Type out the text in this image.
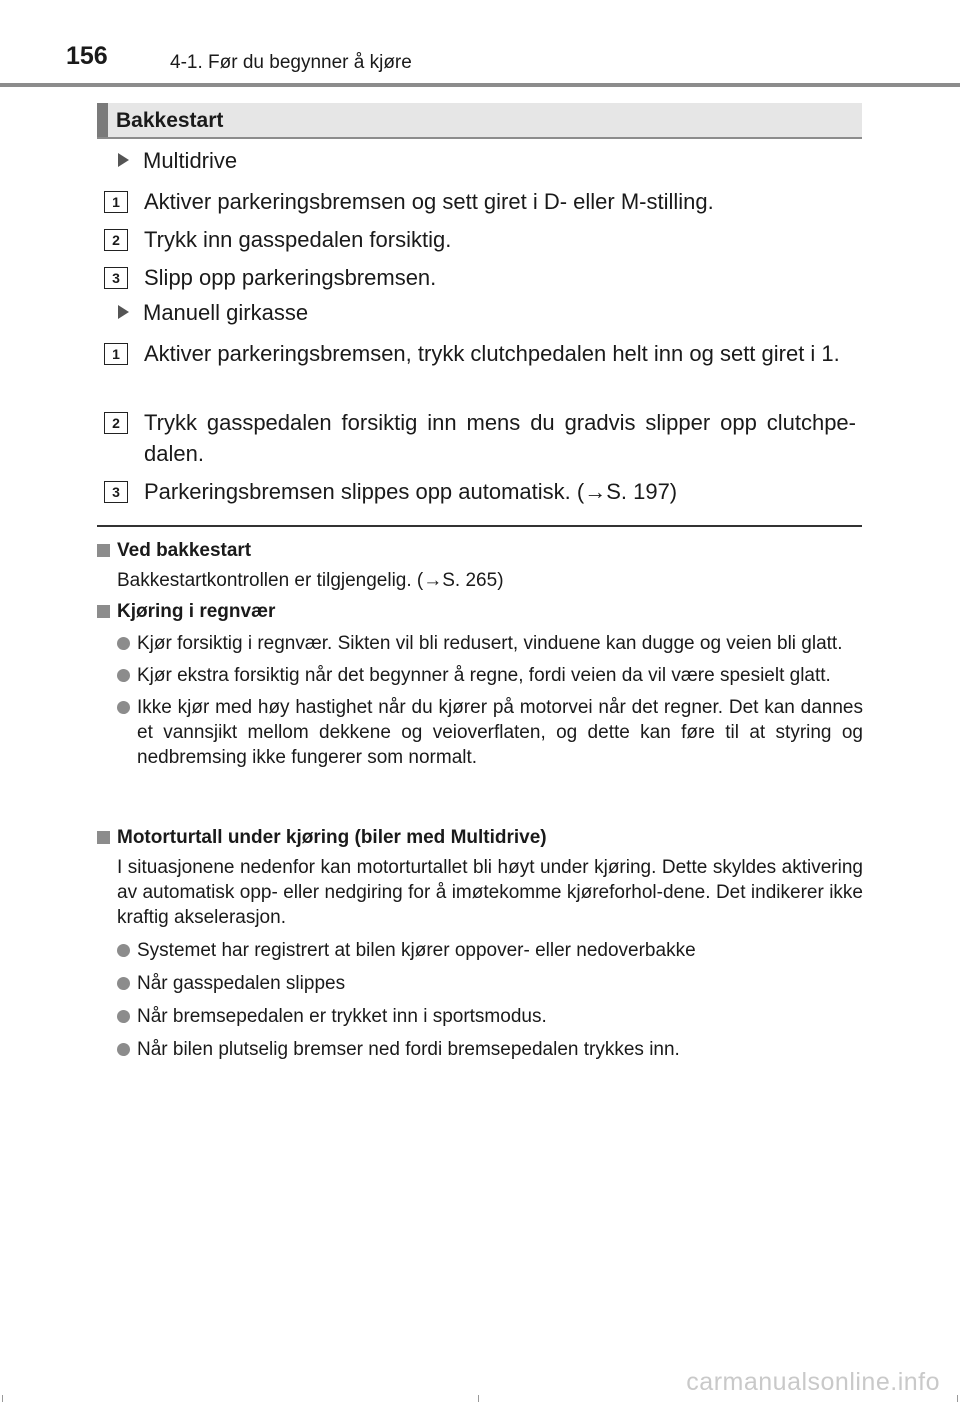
156	4-1. Før du begynner å kjøre
Bakkestart
Multidrive
1	Aktiver parkeringsbremsen og sett giret i D- eller M-stilling.
2	Trykk inn gasspedalen forsiktig.
3	Slipp opp parkeringsbremsen.
Manuell girkasse
1	Aktiver parkeringsbremsen, trykk clutchpedalen helt inn og sett giret i 1.
2	Trykk gasspedalen forsiktig inn mens du gradvis slipper opp clutchpe-dalen.
3	Parkeringsbremsen slippes opp automatisk. (→S. 197)
Ved bakkestart
Bakkestartkontrollen er tilgjengelig. (→S. 265)
Kjøring i regnvær
Kjør forsiktig i regnvær. Sikten vil bli redusert, vinduene kan dugge og veien bli glatt.
Kjør ekstra forsiktig når det begynner å regne, fordi veien da vil være spesielt glatt.
Ikke kjør med høy hastighet når du kjører på motorvei når det regner. Det kan dannes et vannsjikt mellom dekkene og veioverflaten, og dette kan føre til at styring og nedbremsing ikke fungerer som normalt.
Motorturtall under kjøring (biler med Multidrive)
I situasjonene nedenfor kan motorturtallet bli høyt under kjøring. Dette skyldes aktivering av automatisk opp- eller nedgiring for å imøtekomme kjøreforhol-dene. Det indikerer ikke kraftig akselerasjon.
Systemet har registrert at bilen kjører oppover- eller nedoverbakke
Når gasspedalen slippes
Når bremsepedalen er trykket inn i sportsmodus.
Når bilen plutselig bremser ned fordi bremsepedalen trykkes inn.
carmanualsonline.info
